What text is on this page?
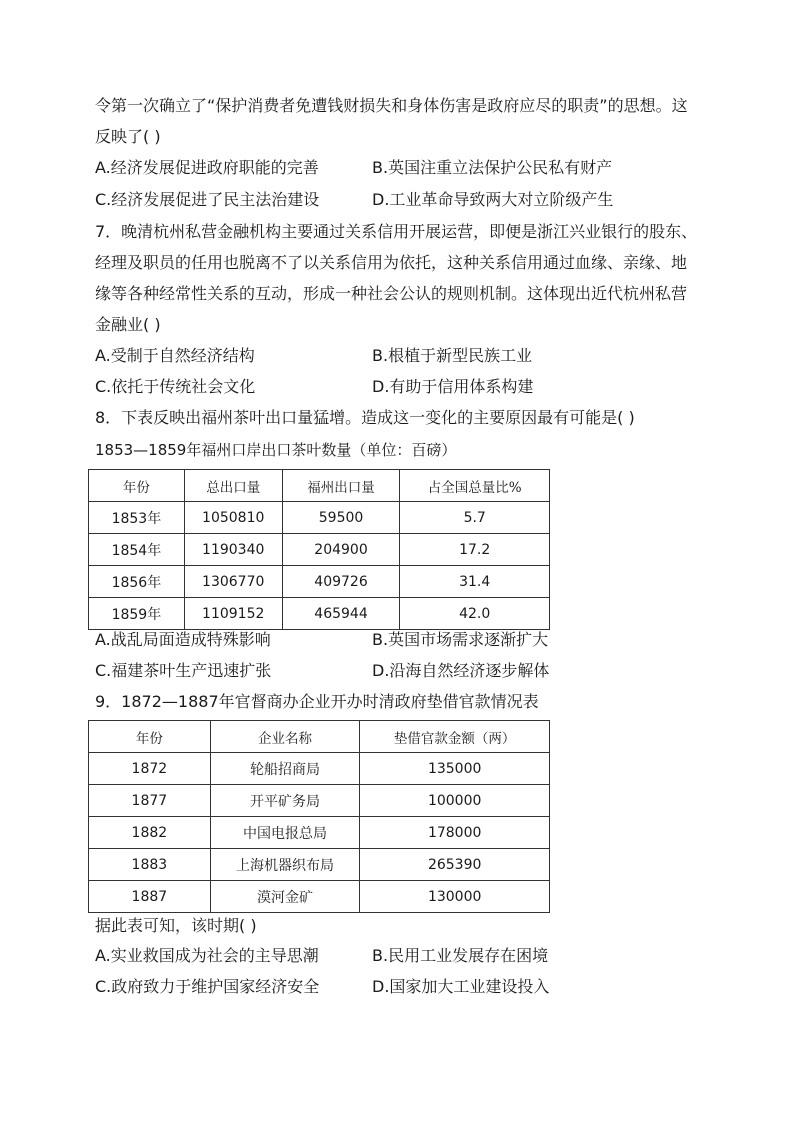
令第一次确立了“保护消费者免遭钱财损失和身体伤害是政府应尽的职责”的思想。这
反映了( )
A.经济发展促进政府职能的完善	B.英国注重立法保护公民私有财产
C.经济发展促进了民主法治建设	D.工业革命导致两大对立阶级产生
7．晚清杭州私营金融机构主要通过关系信用开展运营，即便是浙江兴业银行的股东、
经理及职员的任用也脱离不了以关系信用为依托，这种关系信用通过血缘、亲缘、地
缘等各种经常性关系的互动，形成一种社会公认的规则机制。这体现出近代杭州私营
金融业( )
A.受制于自然经济结构	B.根植于新型民族工业
C.依托于传统社会文化	D.有助于信用体系构建
8．下表反映出福州茶叶出口量猛增。造成这一变化的主要原因最有可能是( )
1853—1859年福州口岸出口茶叶数量（单位：百磅）
年份	总出口量	福州出口量	占全国总量比%
1853年	1050810	59500	5.7
1854年	1190340	204900	17.2
1856年	1306770	409726	31.4
1859年	1109152	465944	42.0
A.战乱局面造成特殊影响	B.英国市场需求逐渐扩大
C.福建茶叶生产迅速扩张	D.沿海自然经济逐步解体
9．1872—1887年官督商办企业开办时清政府垫借官款情况表
年份	企业名称	垫借官款金额（两）
1872	轮船招商局	135000
1877	开平矿务局	100000
1882	中国电报总局	178000
1883	上海机器织布局	265390
1887	漠河金矿	130000
据此表可知，该时期( )
A.实业救国成为社会的主导思潮	B.民用工业发展存在困境
C.政府致力于维护国家经济安全	D.国家加大工业建设投入
